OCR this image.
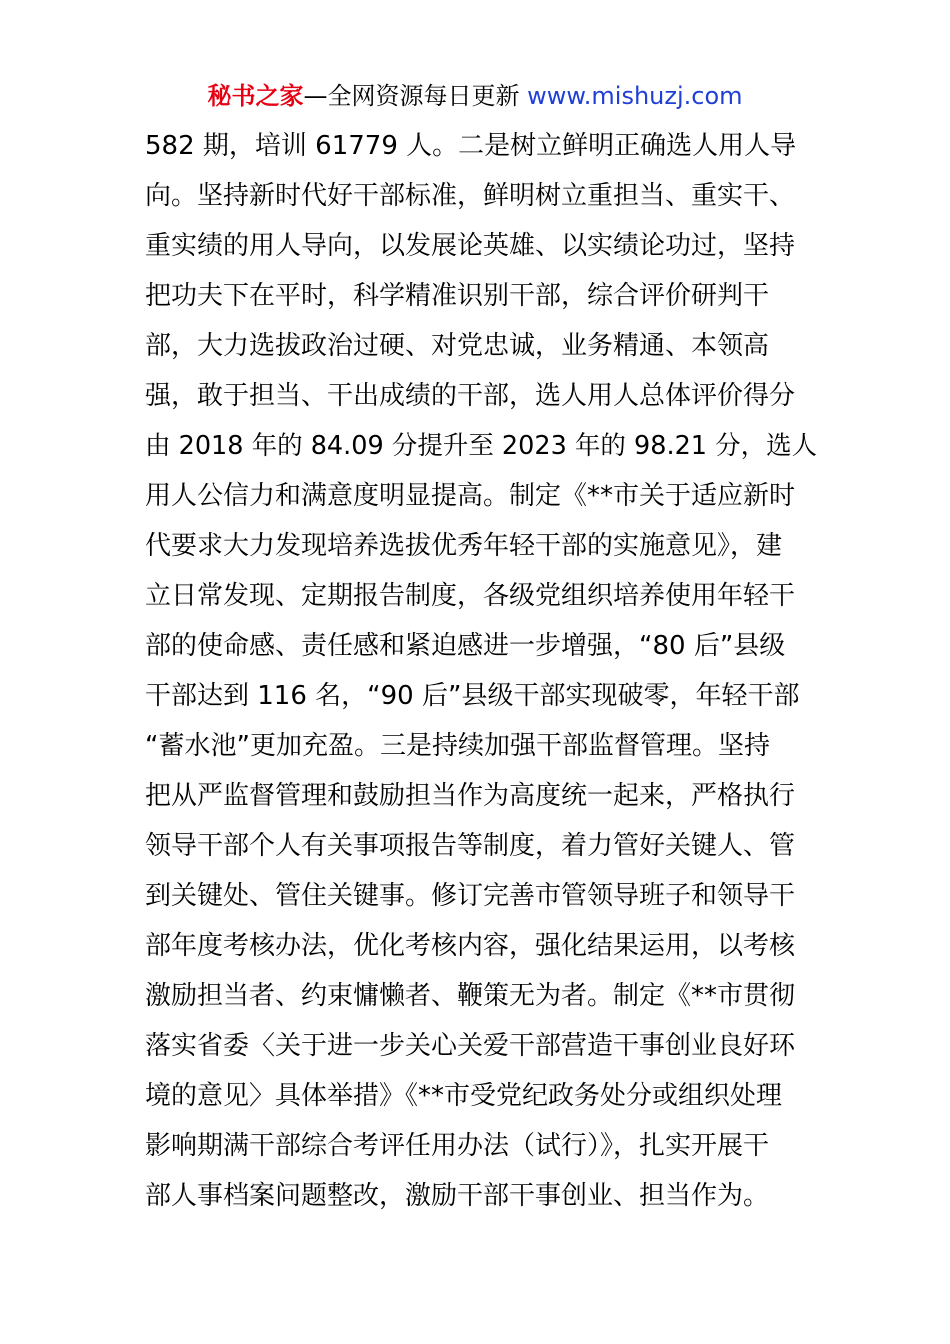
秘书之家—全网资源每日更新 www.mishuzj.com
582 期，培训 61779 人。二是树立鲜明正确选人用人导
向。坚持新时代好干部标准，鲜明树立重担当、重实干、
重实绩的用人导向，以发展论英雄、以实绩论功过，坚持
把功夫下在平时，科学精准识别干部，综合评价研判干
部，大力选拔政治过硬、对党忠诚，业务精通、本领高
强，敢于担当、干出成绩的干部，选人用人总体评价得分
由 2018 年的 84.09 分提升至 2023 年的 98.21 分，选人
用人公信力和满意度明显提高。制定《**市关于适应新时
代要求大力发现培养选拔优秀年轻干部的实施意见》，建
立日常发现、定期报告制度，各级党组织培养使用年轻干
部的使命感、责任感和紧迫感进一步增强，“80 后”县级
干部达到 116 名，“90 后”县级干部实现破零，年轻干部
“蓄水池”更加充盈。三是持续加强干部监督管理。坚持
把从严监督管理和鼓励担当作为高度统一起来，严格执行
领导干部个人有关事项报告等制度，着力管好关键人、管
到关键处、管住关键事。修订完善市管领导班子和领导干
部年度考核办法，优化考核内容，强化结果运用，以考核
激励担当者、约束慵懒者、鞭策无为者。制定《**市贯彻
落实省委〈关于进一步关心关爱干部营造干事创业良好环
境的意见〉具体举措》《**市受党纪政务处分或组织处理
影响期满干部综合考评任用办法（试行）》，扎实开展干
部人事档案问题整改，激励干部干事创业、担当作为。
